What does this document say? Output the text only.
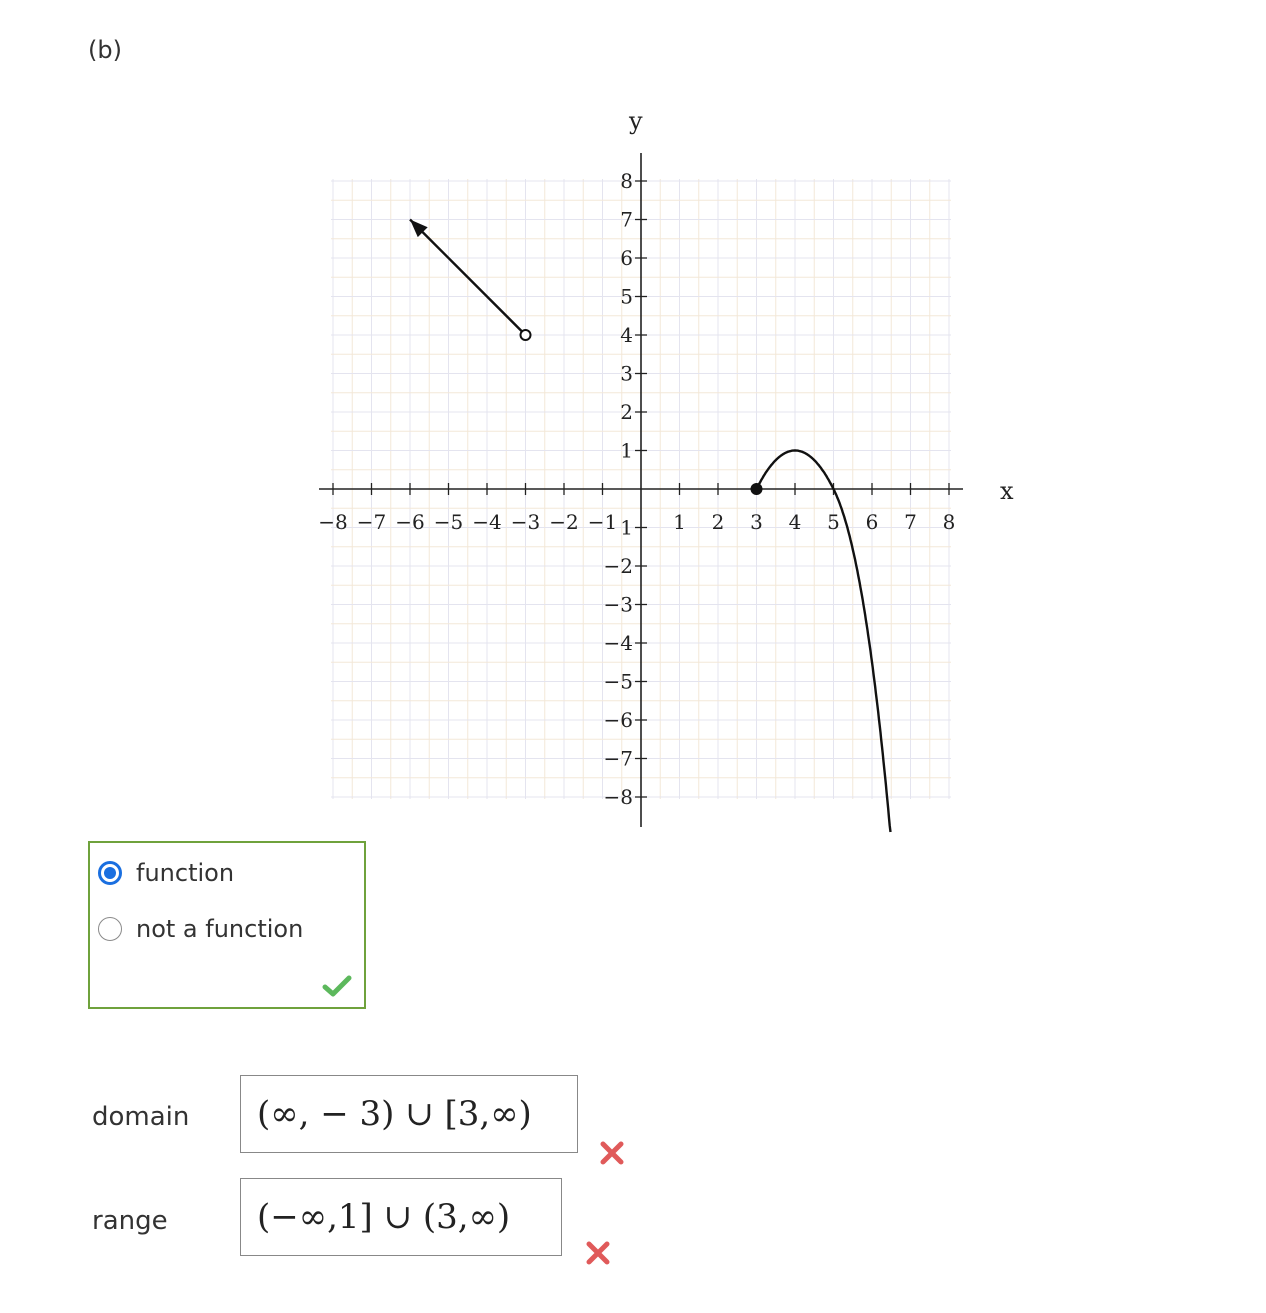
(b)
−8 −7 −6 −5 −4 −3 −2 −1	1 2 3 4 5 6 7 8
8
7
6
5
4
3
2
1
1
−2
−3
−4
−5
−6
−7
−8
x
y
function
not a function
domain	(∞, − 3) ∪ [3,∞)
range	(−∞,1] ∪ (3,∞)
